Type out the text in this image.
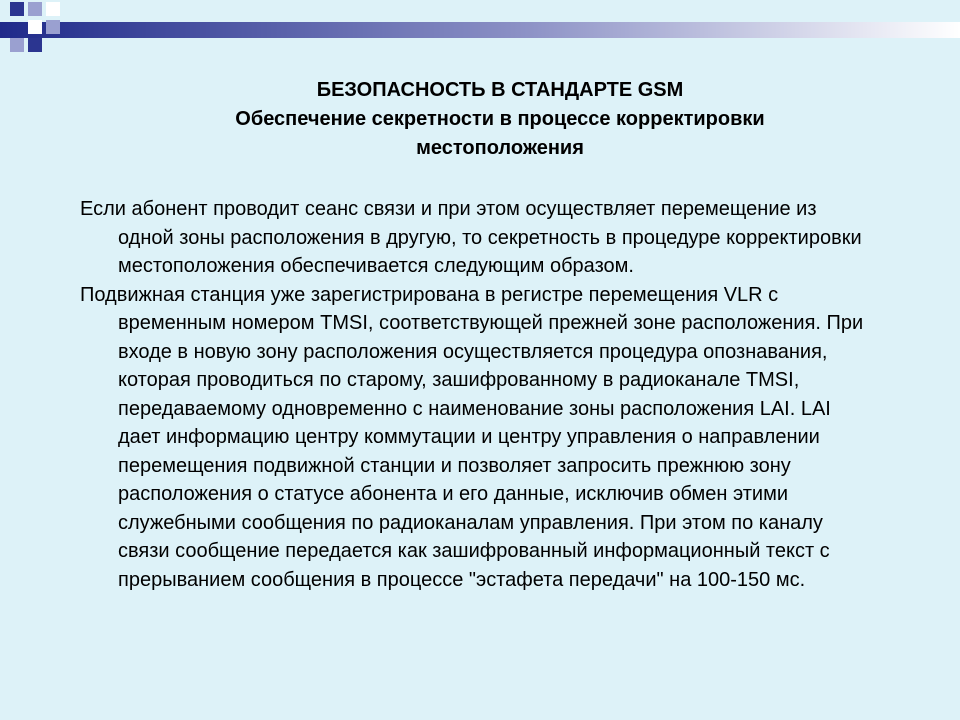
БЕЗОПАСНОСТЬ В СТАНДАРТЕ GSM
Обеспечение секретности в процессе корректировки
местоположения

Если абонент проводит сеанс связи и при этом осуществляет перемещение из одной зоны расположения в другую, то секретность в процедуре корректировки местоположения обеспечивается следующим образом.

Подвижная станция уже зарегистрирована в регистре перемещения VLR с временным номером TMSI, соответствующей прежней зоне расположения. При входе в новую зону расположения осуществляется процедура опознавания, которая проводиться по старому, зашифрованному в радиоканале TMSI, передаваемому одновременно с наименование зоны расположения LAI. LAI дает информацию центру коммутации и центру управления о направлении перемещения подвижной станции и позволяет запросить прежнюю зону расположения о статусе абонента и его данные, исключив обмен этими служебными сообщения по радиоканалам управления. При этом по каналу связи сообщение передается как зашифрованный информационный текст с прерыванием сообщения в процессе "эстафета передачи" на 100-150 мс.
